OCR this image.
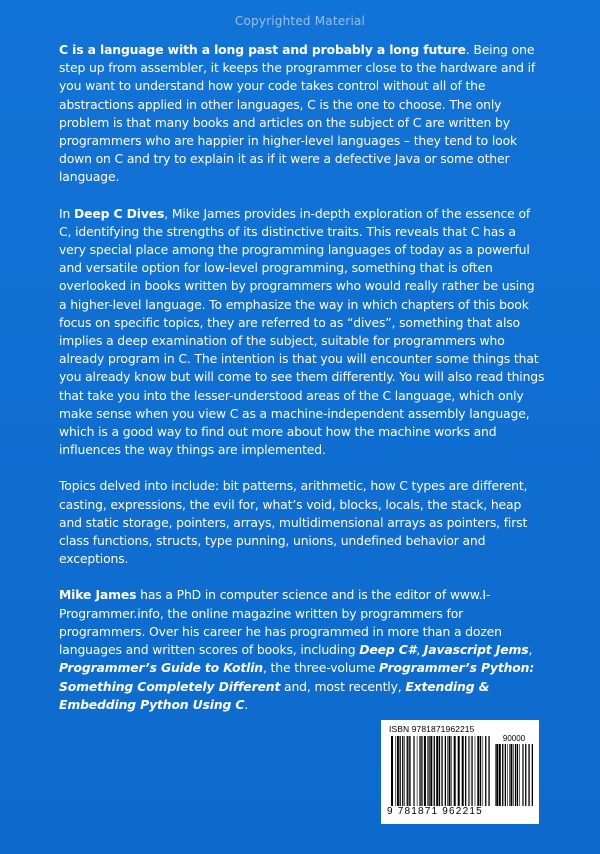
Copyrighted Material

C is a language with a long past and probably a long future. Being one step up from assembler, it keeps the programmer close to the hardware and if you want to understand how your code takes control without all of the abstractions applied in other languages, C is the one to choose. The only problem is that many books and articles on the subject of C are written by programmers who are happier in higher-level languages – they tend to look down on C and try to explain it as if it were a defective Java or some other language.

In Deep C Dives, Mike James provides in-depth exploration of the essence of C, identifying the strengths of its distinctive traits. This reveals that C has a very special place among the programming languages of today as a powerful and versatile option for low-level programming, something that is often overlooked in books written by programmers who would really rather be using a higher-level language. To emphasize the way in which chapters of this book focus on specific topics, they are referred to as “dives”, something that also implies a deep examination of the subject, suitable for programmers who already program in C. The intention is that you will encounter some things that you already know but will come to see them differently. You will also read things that take you into the lesser-understood areas of the C language, which only make sense when you view C as a machine-independent assembly language, which is a good way to find out more about how the machine works and influences the way things are implemented.

Topics delved into include: bit patterns, arithmetic, how C types are different, casting, expressions, the evil for, what’s void, blocks, locals, the stack, heap and static storage, pointers, arrays, multidimensional arrays as pointers, first class functions, structs, type punning, unions, undefined behavior and exceptions.

Mike James has a PhD in computer science and is the editor of www.I-Programmer.info, the online magazine written by programmers for programmers. Over his career he has programmed in more than a dozen languages and written scores of books, including Deep C#, Javascript Jems, Programmer’s Guide to Kotlin, the three-volume Programmer’s Python: Something Completely Different and, most recently, Extending & Embedding Python Using C.

ISBN 9781871962215
90000
9 781871 962215
